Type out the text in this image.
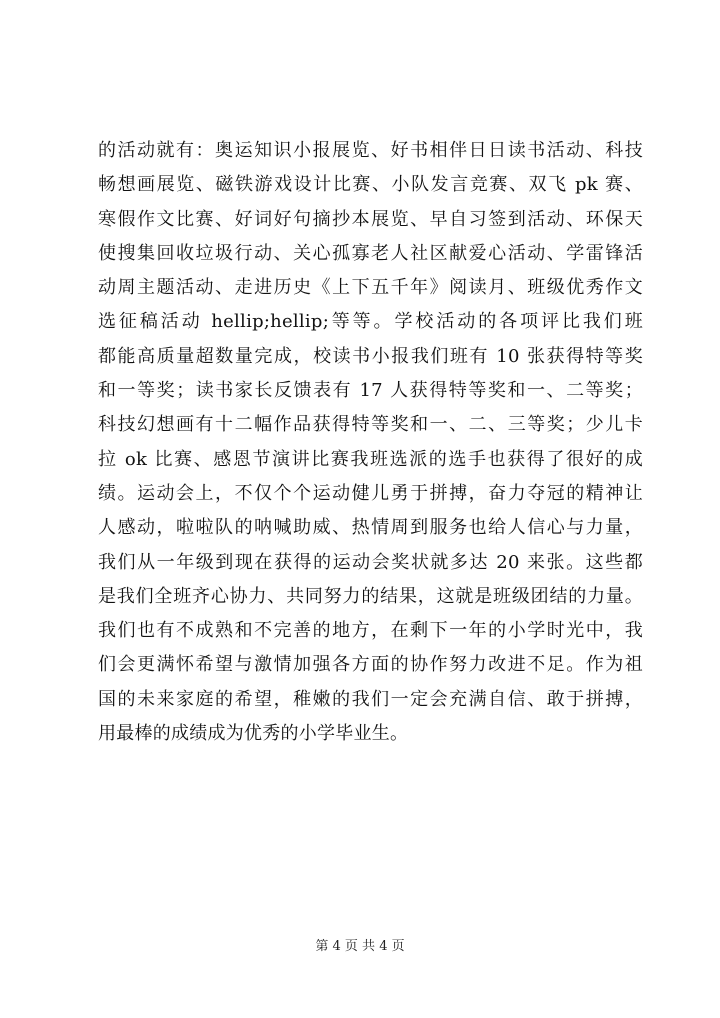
的活动就有：奥运知识小报展览、好书相伴日日读书活动、科技
畅想画展览、磁铁游戏设计比赛、小队发言竞赛、双飞 pk 赛、
寒假作文比赛、好词好句摘抄本展览、早自习签到活动、环保天
使搜集回收垃圾行动、关心孤寡老人社区献爱心活动、学雷锋活
动周主题活动、走进历史《上下五千年》阅读月、班级优秀作文
选征稿活动 hellip;hellip;等等。学校活动的各项评比我们班
都能高质量超数量完成，校读书小报我们班有 10 张获得特等奖
和一等奖；读书家长反馈表有 17 人获得特等奖和一、二等奖；
科技幻想画有十二幅作品获得特等奖和一、二、三等奖；少儿卡
拉 ok 比赛、感恩节演讲比赛我班选派的选手也获得了很好的成
绩。运动会上，不仅个个运动健儿勇于拼搏，奋力夺冠的精神让
人感动，啦啦队的呐喊助威、热情周到服务也给人信心与力量，
我们从一年级到现在获得的运动会奖状就多达 20 来张。这些都
是我们全班齐心协力、共同努力的结果，这就是班级团结的力量。
我们也有不成熟和不完善的地方，在剩下一年的小学时光中，我
们会更满怀希望与激情加强各方面的协作努力改进不足。作为祖
国的未来家庭的希望，稚嫩的我们一定会充满自信、敢于拼搏，
用最棒的成绩成为优秀的小学毕业生。
第 4 页 共 4 页
